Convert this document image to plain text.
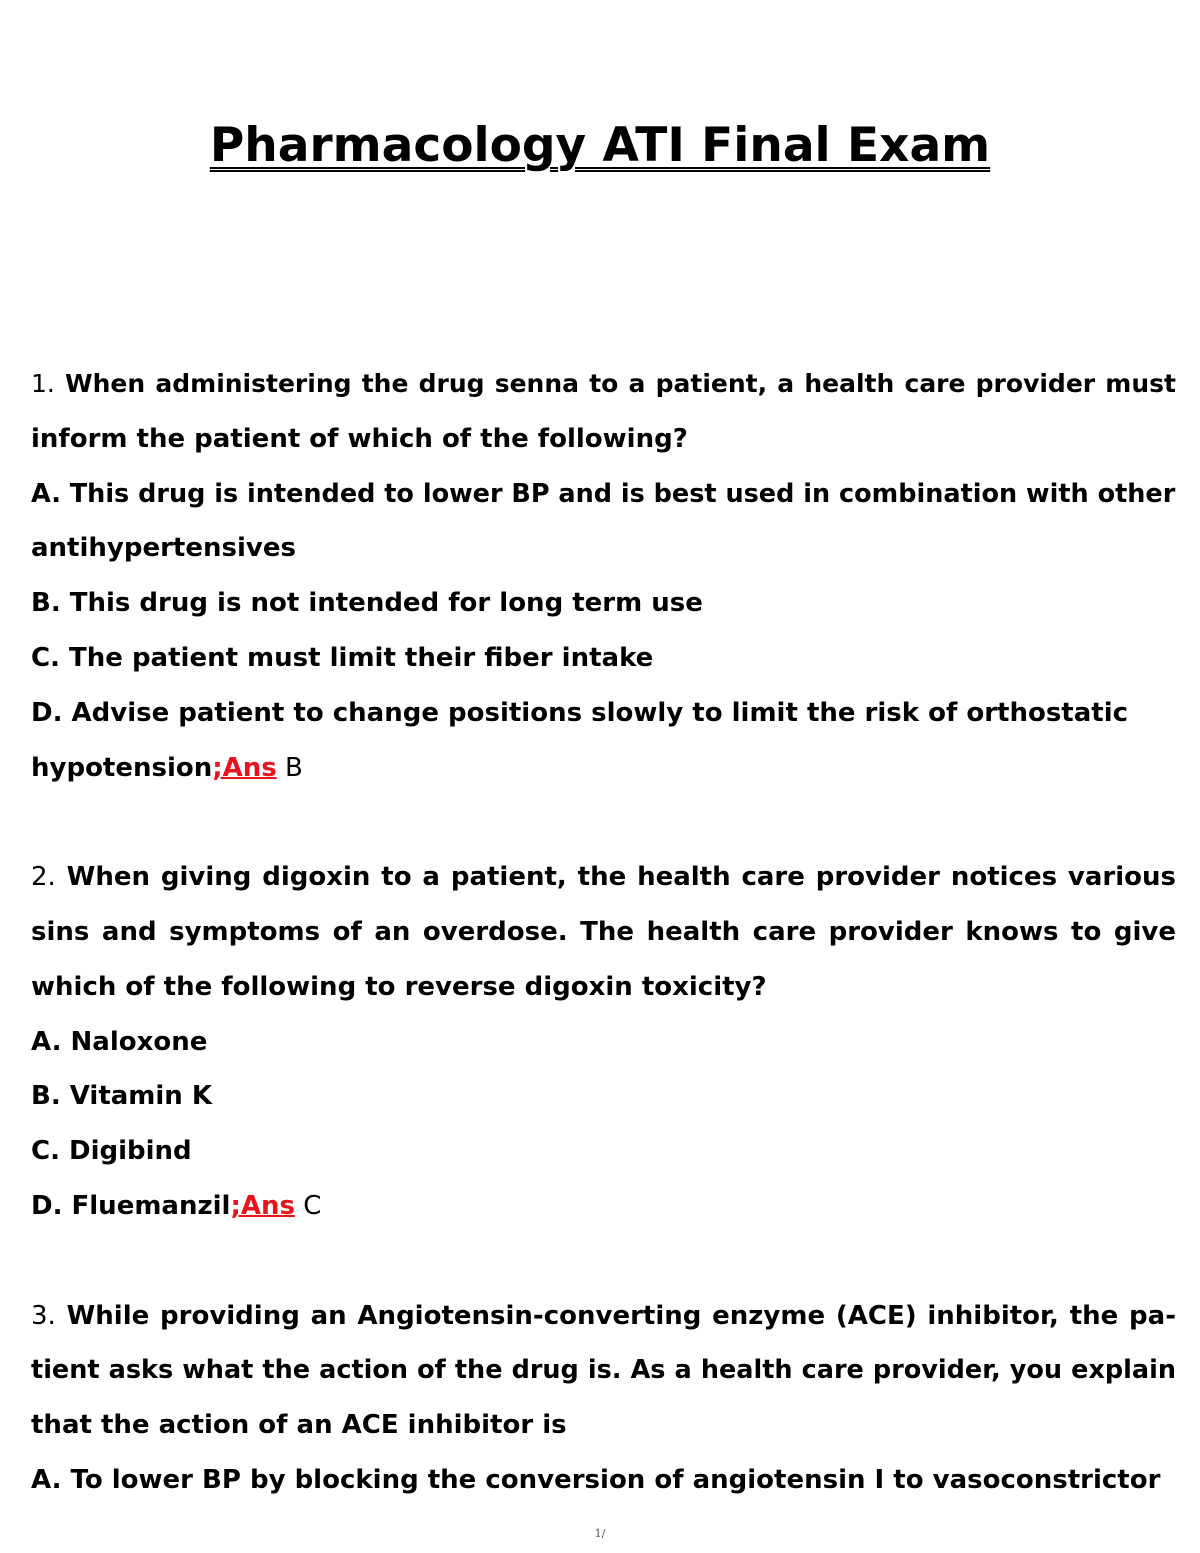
Pharmacology ATI Final Exam
1. When administering the drug senna to a patient, a health care provider must
inform the patient of which of the following?
A. This drug is intended to lower BP and is best used in combination with other
antihypertensives
B. This drug is not intended for long term use
C. The patient must limit their fiber intake
D. Advise patient to change positions slowly to limit the risk of orthostatic
hypotension;Ans B
2. When giving digoxin to a patient, the health care provider notices various
sins and symptoms of an overdose. The health care provider knows to give
which of the following to reverse digoxin toxicity?
A. Naloxone
B. Vitamin K
C. Digibind
D. Fluemanzil;Ans C
3. While providing an Angiotensin-converting enzyme (ACE) inhibitor, the pa-
tient asks what the action of the drug is. As a health care provider, you explain
that the action of an ACE inhibitor is
A. To lower BP by blocking the conversion of angiotensin I to vasoconstrictor
1/
